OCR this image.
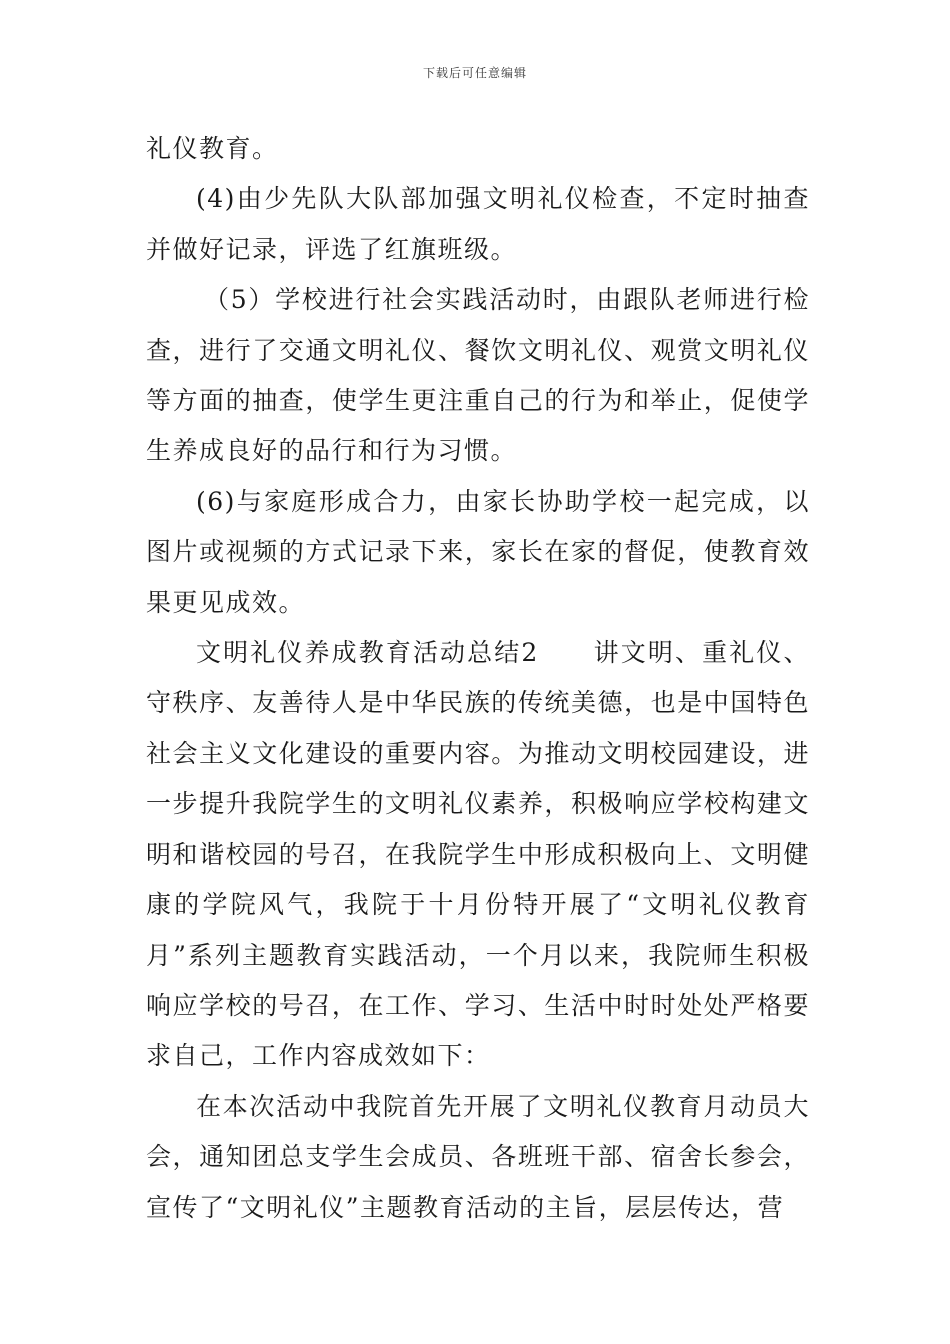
下载后可任意编辑

礼仪教育。

(4)由少先队大队部加强文明礼仪检查，不定时抽查并做好记录，评选了红旗班级。

（5）学校进行社会实践活动时，由跟队老师进行检查，进行了交通文明礼仪、餐饮文明礼仪、观赏文明礼仪等方面的抽查，使学生更注重自己的行为和举止，促使学生养成良好的品行和行为习惯。

(6)与家庭形成合力，由家长协助学校一起完成，以图片或视频的方式记录下来，家长在家的督促，使教育效果更见成效。

文明礼仪养成教育活动总结2　　讲文明、重礼仪、守秩序、友善待人是中华民族的传统美德，也是中国特色社会主义文化建设的重要内容。为推动文明校园建设，进一步提升我院学生的文明礼仪素养，积极响应学校构建文明和谐校园的号召，在我院学生中形成积极向上、文明健康的学院风气，我院于十月份特开展了“文明礼仪教育月”系列主题教育实践活动，一个月以来，我院师生积极响应学校的号召，在工作、学习、生活中时时处处严格要求自己，工作内容成效如下：

在本次活动中我院首先开展了文明礼仪教育月动员大会，通知团总支学生会成员、各班班干部、宿舍长参会，宣传了“文明礼仪”主题教育活动的主旨，层层传达，营
